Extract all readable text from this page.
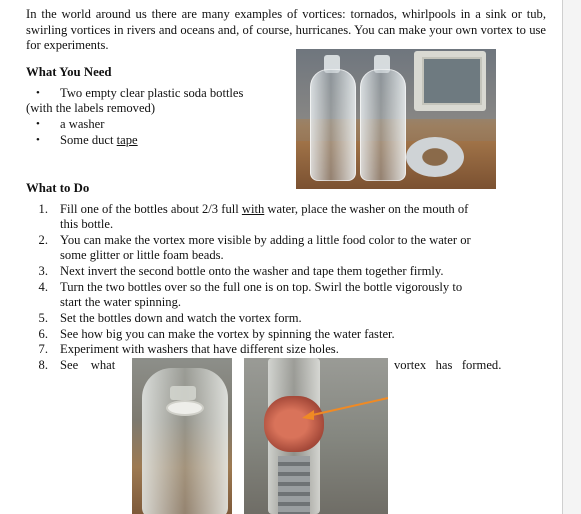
In the world around us there are many examples of vortices: tornados, whirlpools in a sink or tub, swirling vortices in rivers and oceans and, of course, hurricanes. You can make your own vortex to use for experiments.
What You Need
• Two empty clear plastic soda bottles
(with the labels removed)
• a washer
• Some duct tape
What to Do
1. Fill one of the bottles about 2/3 full with water, place the washer on the mouth of
this bottle.
2. You can make the vortex more visible by adding a little food color to the water or
some glitter or little foam beads.
3. Next invert the second bottle onto the washer and tape them together firmly.
4. Turn the two bottles over so the full one is on top. Swirl the bottle vigorously to
start the water spinning.
5. Set the bottles down and watch the vortex form.
6. See how big you can make the vortex by spinning the water faster.
7. Experiment with washers that have different size holes.
8. See    what	vortex   has   formed.
